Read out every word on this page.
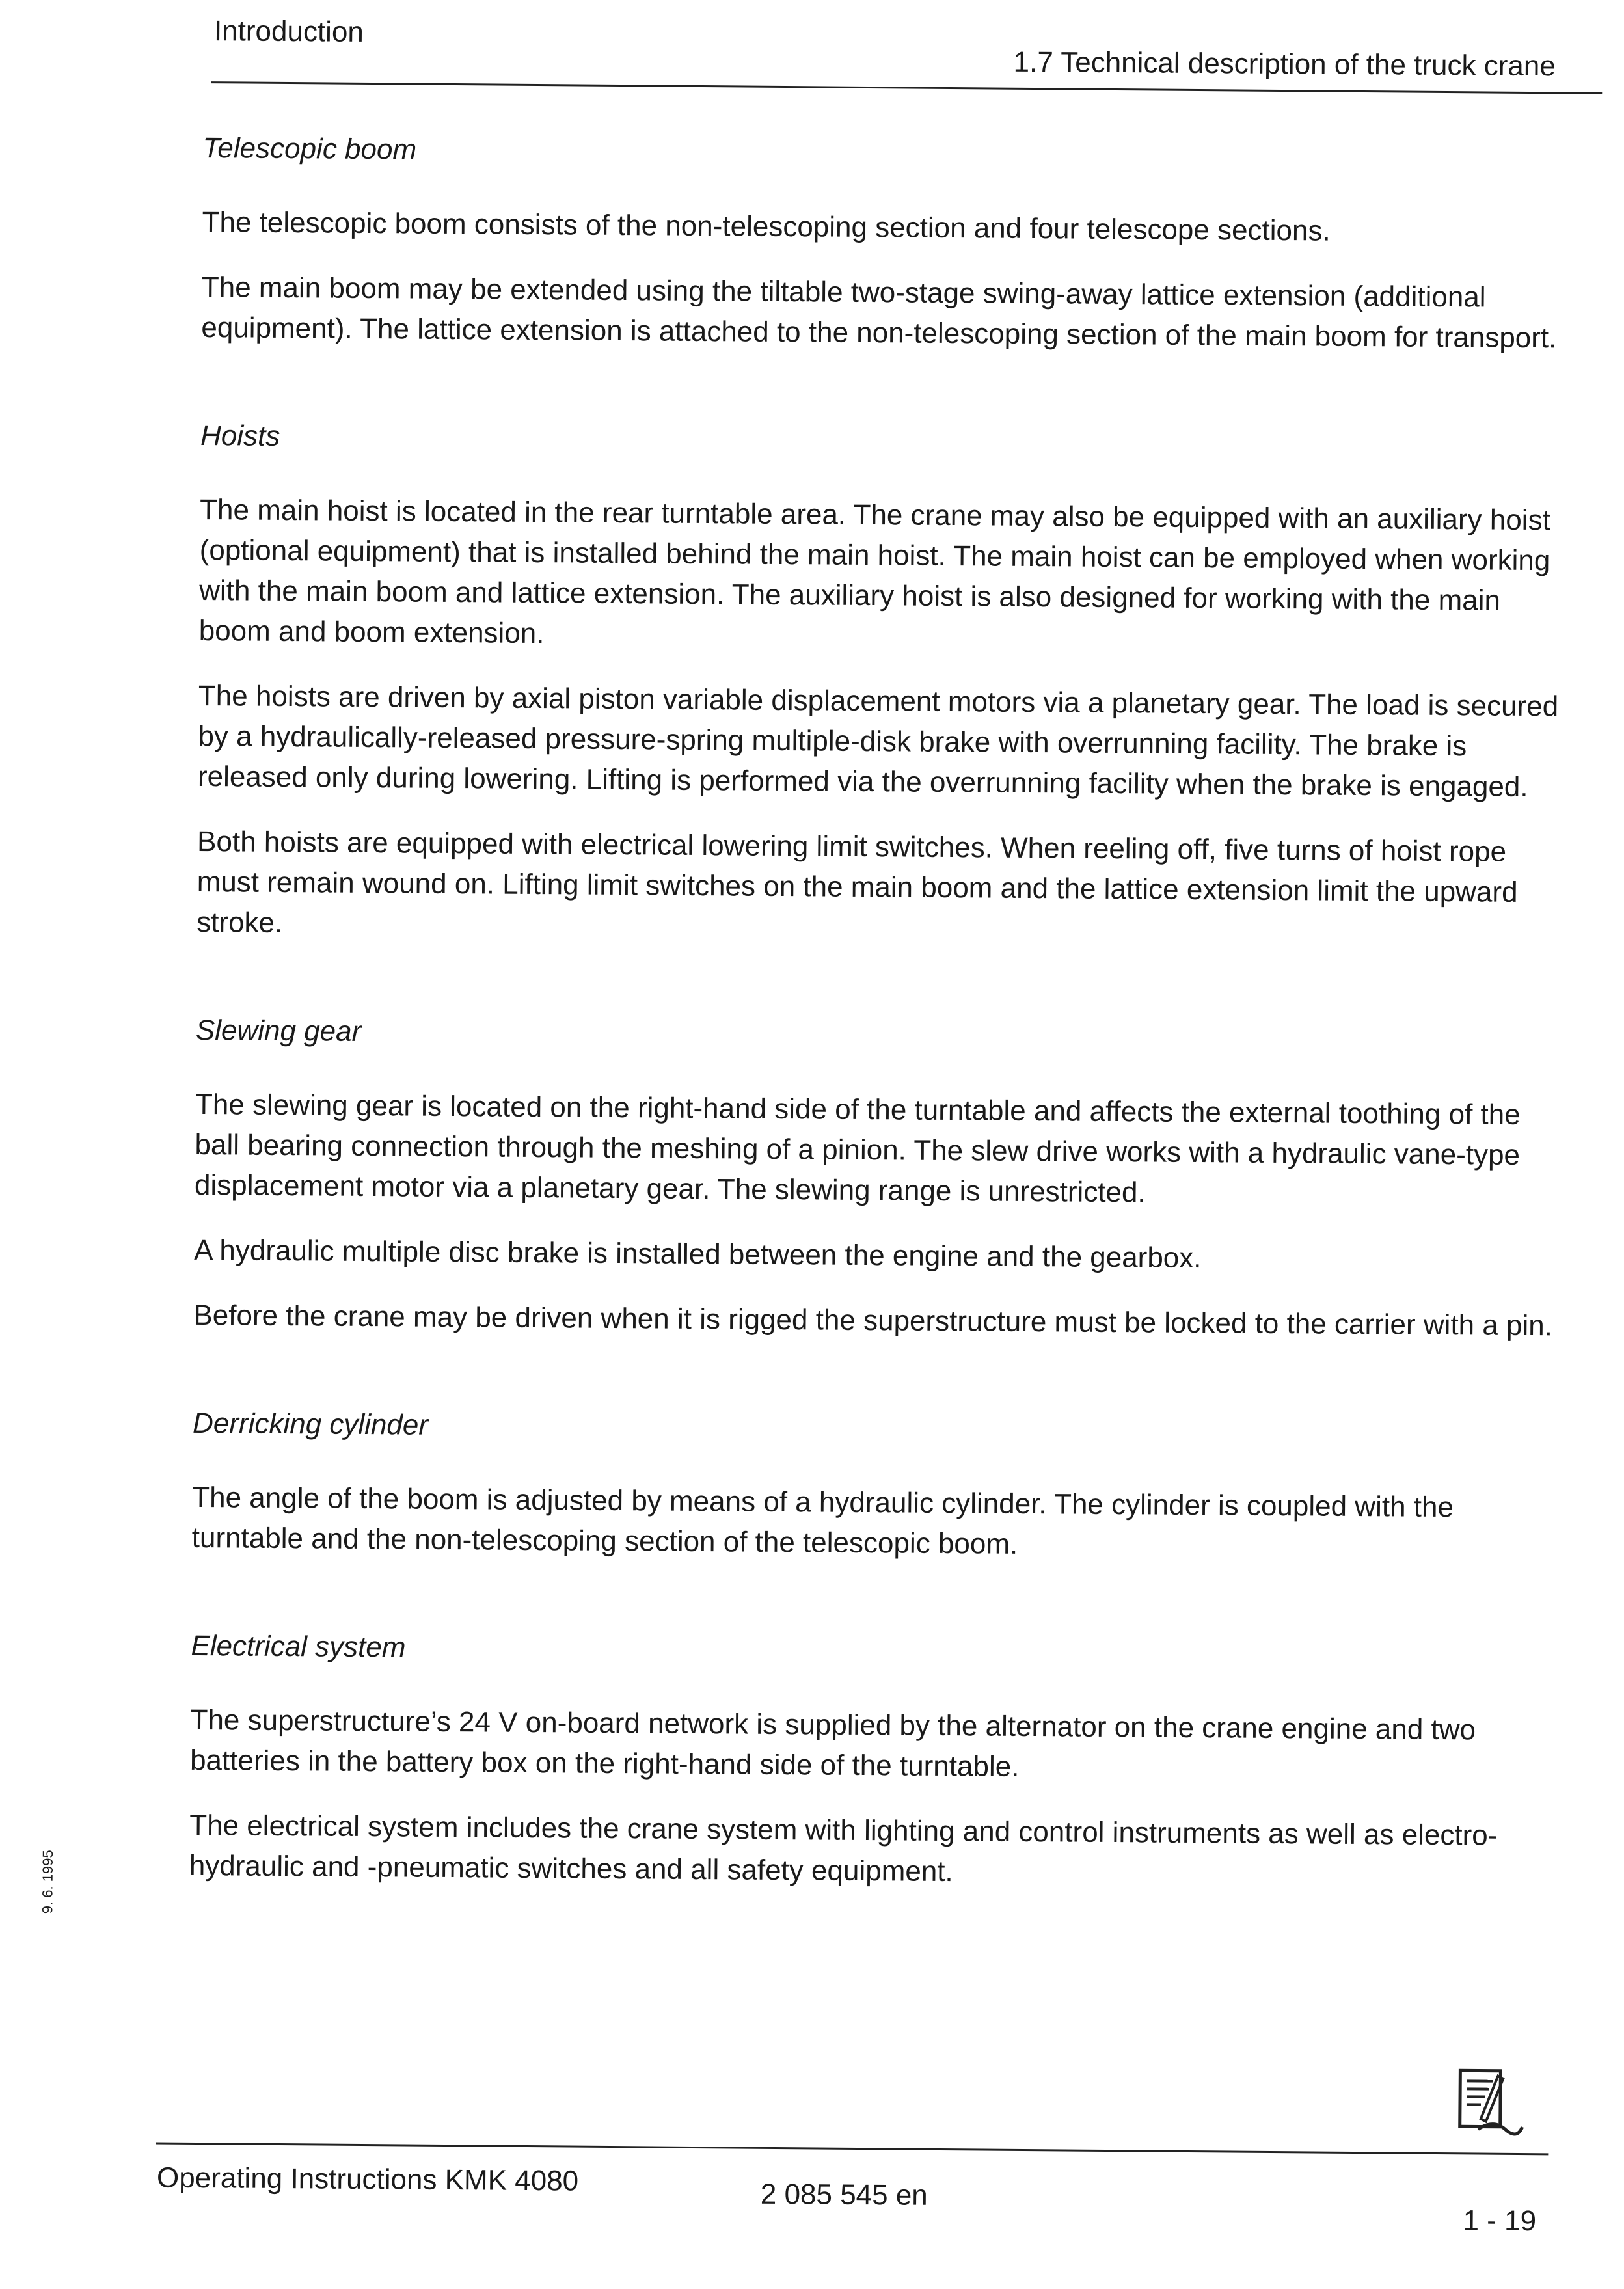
Introduction
1.7 Technical description of the truck crane
Telescopic boom

The telescopic boom consists of the non-telescoping section and four telescope sections.

The main boom may be extended using the tiltable two-stage swing-away lattice extension (additional equipment). The lattice extension is attached to the non-telescoping section of the main boom for transport.

Hoists

The main hoist is located in the rear turntable area. The crane may also be equipped with an auxiliary hoist (optional equipment) that is installed behind the main hoist. The main hoist can be employed when working with the main boom and lattice extension. The auxiliary hoist is also designed for working with the main boom and boom extension.

The hoists are driven by axial piston variable displacement motors via a planetary gear. The load is secured by a hydraulically-released pressure-spring multiple-disk brake with overrunning facility. The brake is released only during lowering. Lifting is performed via the overrunning facility when the brake is engaged.

Both hoists are equipped with electrical lowering limit switches. When reeling off, five turns of hoist rope must remain wound on. Lifting limit switches on the main boom and the lattice extension limit the upward stroke.

Slewing gear

The slewing gear is located on the right-hand side of the turntable and affects the external toothing of the ball bearing connection through the meshing of a pinion. The slew drive works with a hydraulic vane-type displacement motor via a planetary gear. The slewing range is unrestricted.

A hydraulic multiple disc brake is installed between the engine and the gearbox.

Before the crane may be driven when it is rigged the superstructure must be locked to the carrier with a pin.

Derricking cylinder

The angle of the boom is adjusted by means of a hydraulic cylinder. The cylinder is coupled with the turntable and the non-telescoping section of the telescopic boom.

Electrical system

The superstructure’s 24 V on-board network is supplied by the alternator on the crane engine and two batteries in the battery box on the right-hand side of the turntable.

The electrical system includes the crane system with lighting and control instruments as well as electro-hydraulic and -pneumatic switches and all safety equipment.

9. 6. 1995
Operating Instructions KMK 4080	2 085 545 en
1 - 19
